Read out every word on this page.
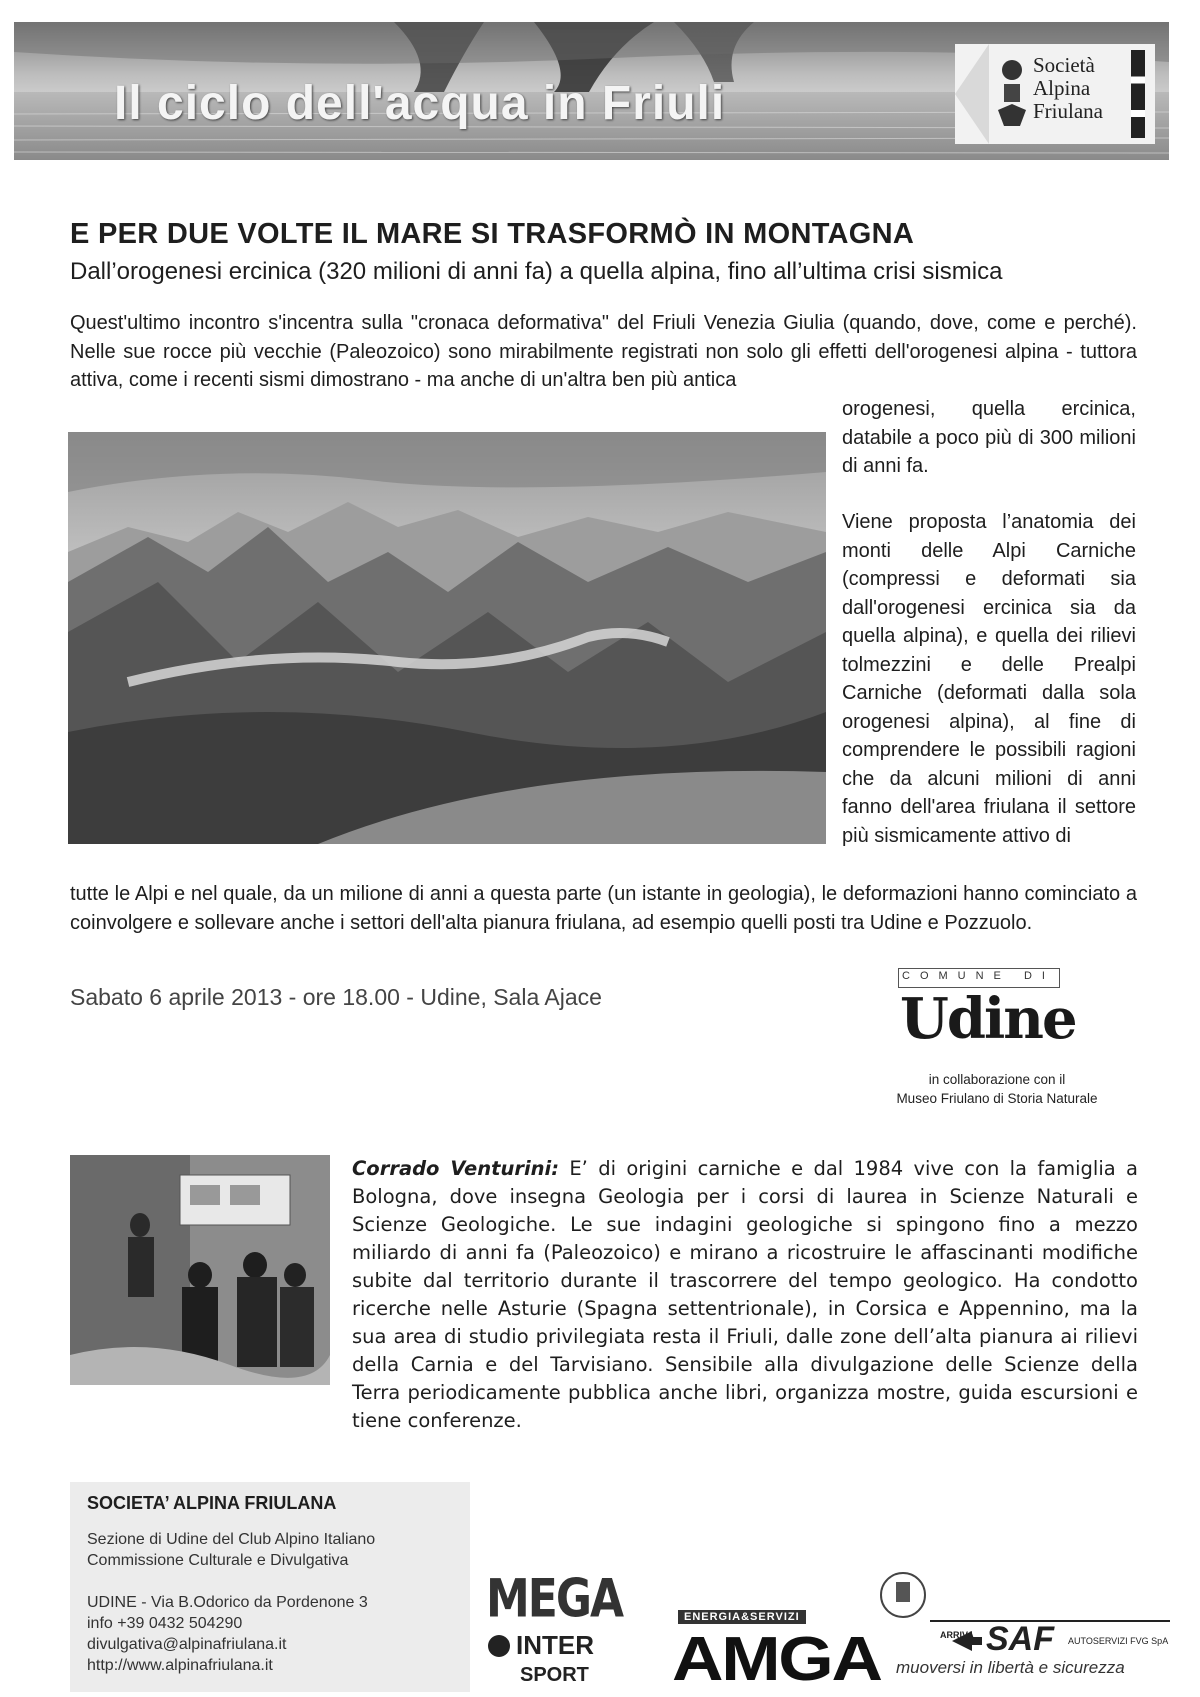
Il ciclo dell'acqua in Friuli
Società
Alpina
Friulana
E PER DUE VOLTE IL MARE SI TRASFORMÒ IN MONTAGNA
Dall’orogenesi ercinica (320 milioni di anni fa) a quella alpina, fino all’ultima crisi sismica
Quest'ultimo incontro s'incentra sulla "cronaca deformativa" del Friuli Venezia Giulia (quando, dove, come e perché). Nelle sue rocce più vecchie (Paleozoico) sono mirabilmente registrati non solo gli effetti dell'orogenesi alpina - tuttora attiva, come i recenti sismi dimostrano - ma anche di un'altra ben più antica
orogenesi, quella ercinica, databile a poco più di 300 milioni di anni fa.
Viene proposta l’anatomia dei monti delle Alpi Carniche (compressi e deformati sia dall'orogenesi ercinica sia da quella alpina), e quella dei rilievi tolmezzini e delle Prealpi Carniche (deformati dalla sola orogenesi alpina), al fine di comprendere le possibili ragioni che da alcuni milioni di anni fanno dell'area friulana il settore più sismicamente attivo di
tutte le Alpi e nel quale, da un milione di anni a questa parte (un istante in geologia), le deformazioni hanno cominciato a coinvolgere e sollevare anche i settori dell'alta pianura friulana, ad esempio quelli posti tra Udine e Pozzuolo.
Sabato 6 aprile 2013 - ore 18.00 - Udine, Sala Ajace
COMUNE DI
Udine
in collaborazione con il
Museo Friulano di Storia Naturale
Corrado Venturini: E’ di origini carniche e dal 1984 vive con la famiglia a Bologna, dove insegna Geologia per i corsi di laurea in Scienze Naturali e Scienze Geologiche. Le sue indagini geologiche si spingono fino a mezzo miliardo di anni fa (Paleozoico) e mirano a ricostruire le affascinanti modifiche subite dal territorio durante il trascorrere del tempo geologico. Ha condotto ricerche nelle Asturie (Spagna settentrionale), in Corsica e Appennino, ma la sua area di studio privilegiata resta il Friuli, dalle zone dell’alta pianura ai rilievi della Carnia e del Tarvisiano. Sensibile alla divulgazione delle Scienze della Terra periodicamente pubblica anche libri, organizza mostre, guida escursioni e tiene conferenze.
SOCIETA’ ALPINA FRIULANA
Sezione di Udine del Club Alpino Italiano
Commissione Culturale e Divulgativa
UDINE - Via B.Odorico da Pordenone 3
info +39 0432 504290
divulgativa@alpinafriulana.it
http://www.alpinafriulana.it
MEGA
INTER
SPORT
ENERGIA&SERVIZI
AMGA	ARRIVA SAF AUTOSERVIZI FVG SpA
muoversi in libertà e sicurezza
